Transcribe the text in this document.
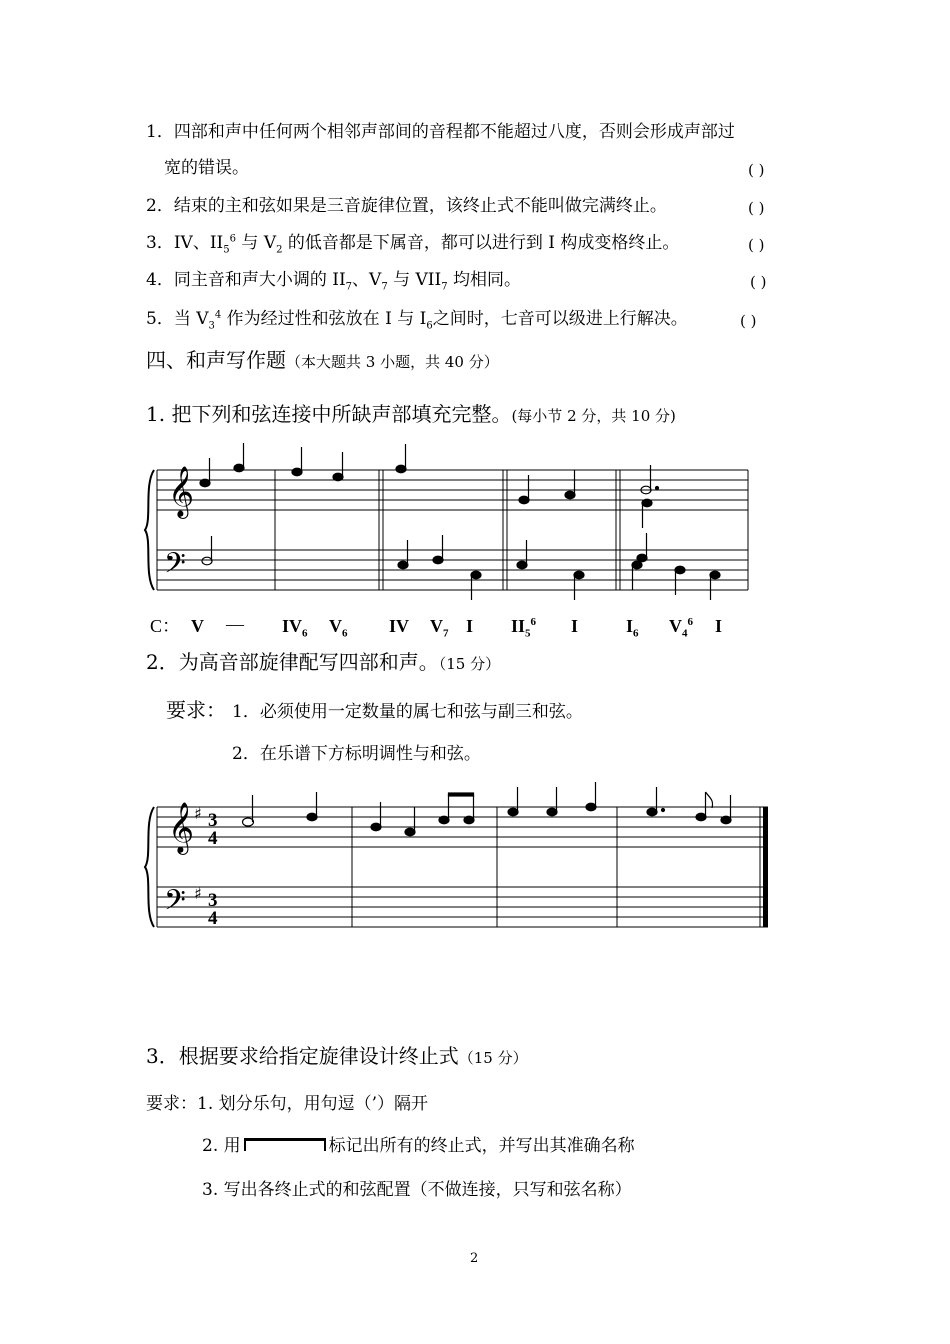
1．四部和声中任何两个相邻声部间的音程都不能超过八度，否则会形成声部过
宽的错误。	( )
2．结束的主和弦如果是三音旋律位置，该终止式不能叫做完满终止。	( )
3．IV、$II_5^6$ 与 $V_2$ 的低音都是下属音，都可以进行到 I 构成变格终止。	( )
4．同主音和声大小调的 $II_7$、$V_7$ 与 $VII_7$ 均相同。	( )
5．当 $V_3^4$ 作为经过性和弦放在 I 与 $I_6$之间时，七音可以级进上行解决。	( )
四、和声写作题（本大题共 3 小题，共 40 分）
1. 把下列和弦连接中所缺声部填充完整。(每小节 2 分，共 10 分)
𝄞
𝄢
C： V — $IV_6$ $V_6$ IV $V_7$ I $II_5^6$ I	$I_6$ $V_4^6$ I
2．为高音部旋律配写四部和声。（15 分）
要求： 1．必须使用一定数量的属七和弦与副三和弦。
2．在乐谱下方标明调性与和弦。
𝄞
𝄢
♯
♯
3
4
3
4
3．根据要求给指定旋律设计终止式（15 分）
要求：1. 划分乐句，用句逗（’）隔开
2. 用	标记出所有的终止式，并写出其准确名称
3. 写出各终止式的和弦配置（不做连接，只写和弦名称）
2
